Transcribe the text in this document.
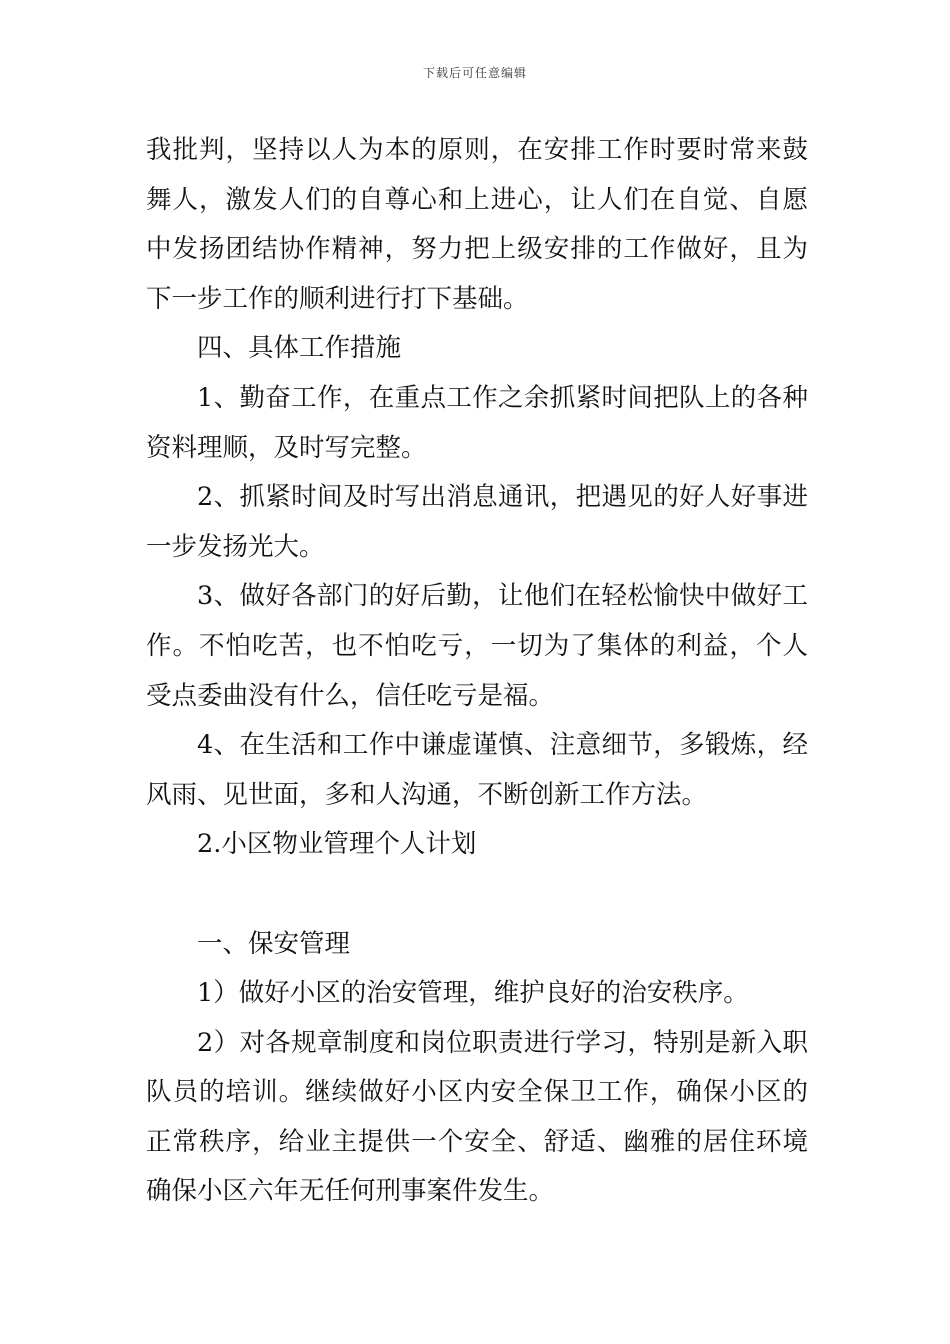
下载后可任意编辑
我批判，坚持以人为本的原则，在安排工作时要时常来鼓
舞人，激发人们的自尊心和上进心，让人们在自觉、自愿
中发扬团结协作精神，努力把上级安排的工作做好，且为
下一步工作的顺利进行打下基础。
四、具体工作措施
1、勤奋工作，在重点工作之余抓紧时间把队上的各种
资料理顺，及时写完整。
2、抓紧时间及时写出消息通讯，把遇见的好人好事进
一步发扬光大。
3、做好各部门的好后勤，让他们在轻松愉快中做好工
作。不怕吃苦，也不怕吃亏，一切为了集体的利益，个人
受点委曲没有什么，信任吃亏是福。
4、在生活和工作中谦虚谨慎、注意细节，多锻炼，经
风雨、见世面，多和人沟通，不断创新工作方法。
2.小区物业管理个人计划
一、保安管理
1）做好小区的治安管理，维护良好的治安秩序。
2）对各规章制度和岗位职责进行学习，特别是新入职
队员的培训。继续做好小区内安全保卫工作，确保小区的
正常秩序，给业主提供一个安全、舒适、幽雅的居住环境
确保小区六年无任何刑事案件发生。
